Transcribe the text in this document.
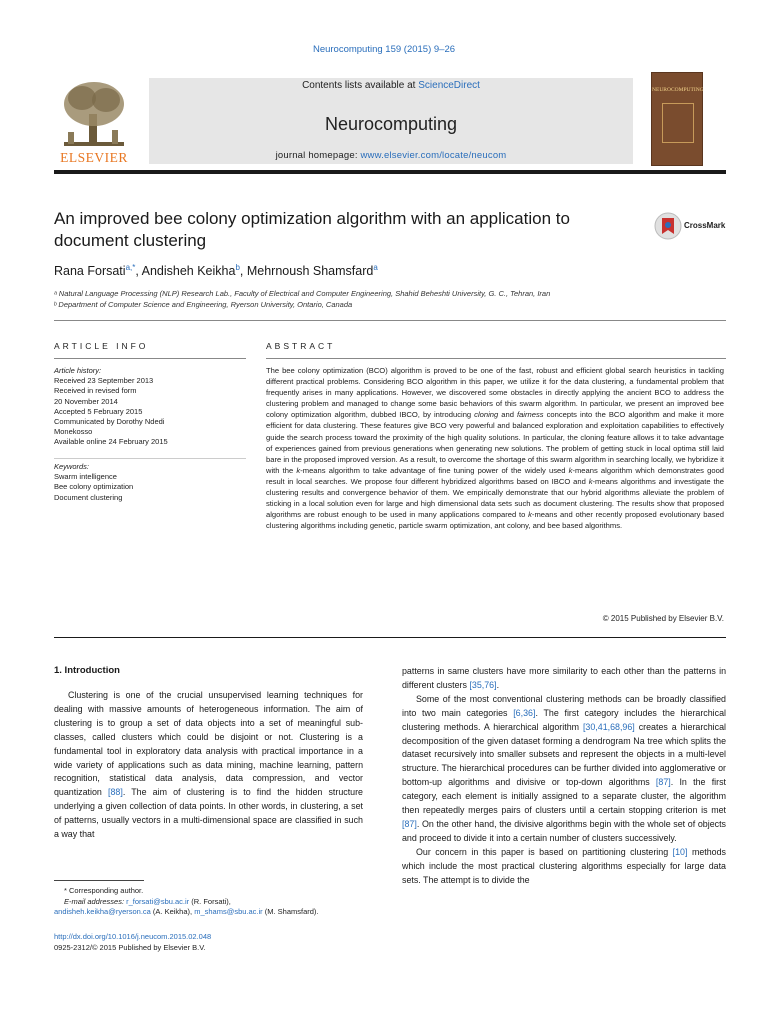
Neurocomputing 159 (2015) 9–26
ELSEVIER
Contents lists available at ScienceDirect
Neurocomputing
journal homepage: www.elsevier.com/locate/neucom
NEUROCOMPUTING
An improved bee colony optimization algorithm with an application to document clustering
CrossMark
Rana Forsati$^{a,*}$, Andisheh Keikha$^b$, Mehrnoush Shamsfard$^a$
ᵃ Natural Language Processing (NLP) Research Lab., Faculty of Electrical and Computer Engineering, Shahid Beheshti University, G. C., Tehran, Iran
ᵇ Department of Computer Science and Engineering, Ryerson University, Ontario, Canada
ARTICLE INFO	ABSTRACT
Article history:
Received 23 September 2013
Received in revised form
20 November 2014
Accepted 5 February 2015
Communicated by Dorothy Ndedi
Monekosso
Available online 24 February 2015
Keywords:
Swarm intelligence
Bee colony optimization
Document clustering
The bee colony optimization (BCO) algorithm is proved to be one of the fast, robust and efficient global search heuristics in tackling different practical problems. Considering BCO algorithm in this paper, we utilize it for the data clustering, a fundamental problem that frequently arises in many applications. However, we discovered some obstacles in directly applying the ancient BCO to address the clustering problem and managed to change some basic behaviors of this swarm algorithm. In particular, we present an improved bee colony optimization algorithm, dubbed IBCO, by introducing cloning and fairness concepts into the BCO algorithm and make it more efficient for data clustering. These features give BCO very powerful and balanced exploration and exploitation capabilities to effectively guide the search process toward the proximity of the high quality solutions. In particular, the cloning feature allows it to take advantage of experiences gained from previous generations when generating new solutions. The problem of getting stuck in local optima still laid bare in the proposed improved version. As a result, to overcome the shortage of this swarm algorithm in searching locally, we hybridize it with the k-means algorithm to take advantage of fine tuning power of the widely used k-means algorithm which demonstrates good result in local searches. We propose four different hybridized algorithms based on IBCO and k-means algorithms and investigate the clustering results and convergence behavior of them. We empirically demonstrate that our hybrid algorithms alleviate the problem of sticking in a local solution even for large and high dimensional data sets such as document clustering. The results show that proposed algorithms are robust enough to be used in many applications compared to k-means and other recently proposed evolutionary based clustering algorithms including genetic, particle swarm optimization, ant colony, and bee based algorithms.
© 2015 Published by Elsevier B.V.
1. Introduction

Clustering is one of the crucial unsupervised learning techniques for dealing with massive amounts of heterogeneous information. The aim of clustering is to group a set of data objects into a set of meaningful sub-classes, called clusters which could be disjoint or not. Clustering is a fundamental tool in exploratory data analysis with practical importance in a wide variety of applications such as data mining, machine learning, pattern recognition, statistical data analysis, data compression, and vector quantization [88]. The aim of clustering is to find the hidden structure underlying a given collection of data points. In other words, in clustering, a set of patterns, usually vectors in a multi-dimensional space are classified in such a way that

patterns in same clusters have more similarity to each other than the patterns in different clusters [35,76].

Some of the most conventional clustering methods can be broadly classified into two main categories [6,36]. The first category includes the hierarchical clustering methods. A hierarchical algorithm [30,41,68,96] creates a hierarchical decomposition of the given dataset forming a dendrogram Na tree which splits the dataset recursively into smaller subsets and represent the objects in a multi-level structure. The hierarchical procedures can be further divided into agglomerative or bottom-up algorithms and divisive or top-down algorithms [87]. In the first category, each element is initially assigned to a separate cluster, the algorithm then repeatedly merges pairs of clusters until a certain stopping criterion is met [87]. On the other hand, the divisive algorithms begin with the whole set of objects and proceed to divide it into a certain number of clusters successively.

Our concern in this paper is based on partitioning clustering [10] methods which include the most practical clustering algorithms especially for large data sets. The attempt is to divide the

* Corresponding author.
E-mail addresses: r_forsati@sbu.ac.ir (R. Forsati),
andisheh.keikha@ryerson.ca (A. Keikha), m_shams@sbu.ac.ir (M. Shamsfard).
http://dx.doi.org/10.1016/j.neucom.2015.02.048
0925-2312/© 2015 Published by Elsevier B.V.
